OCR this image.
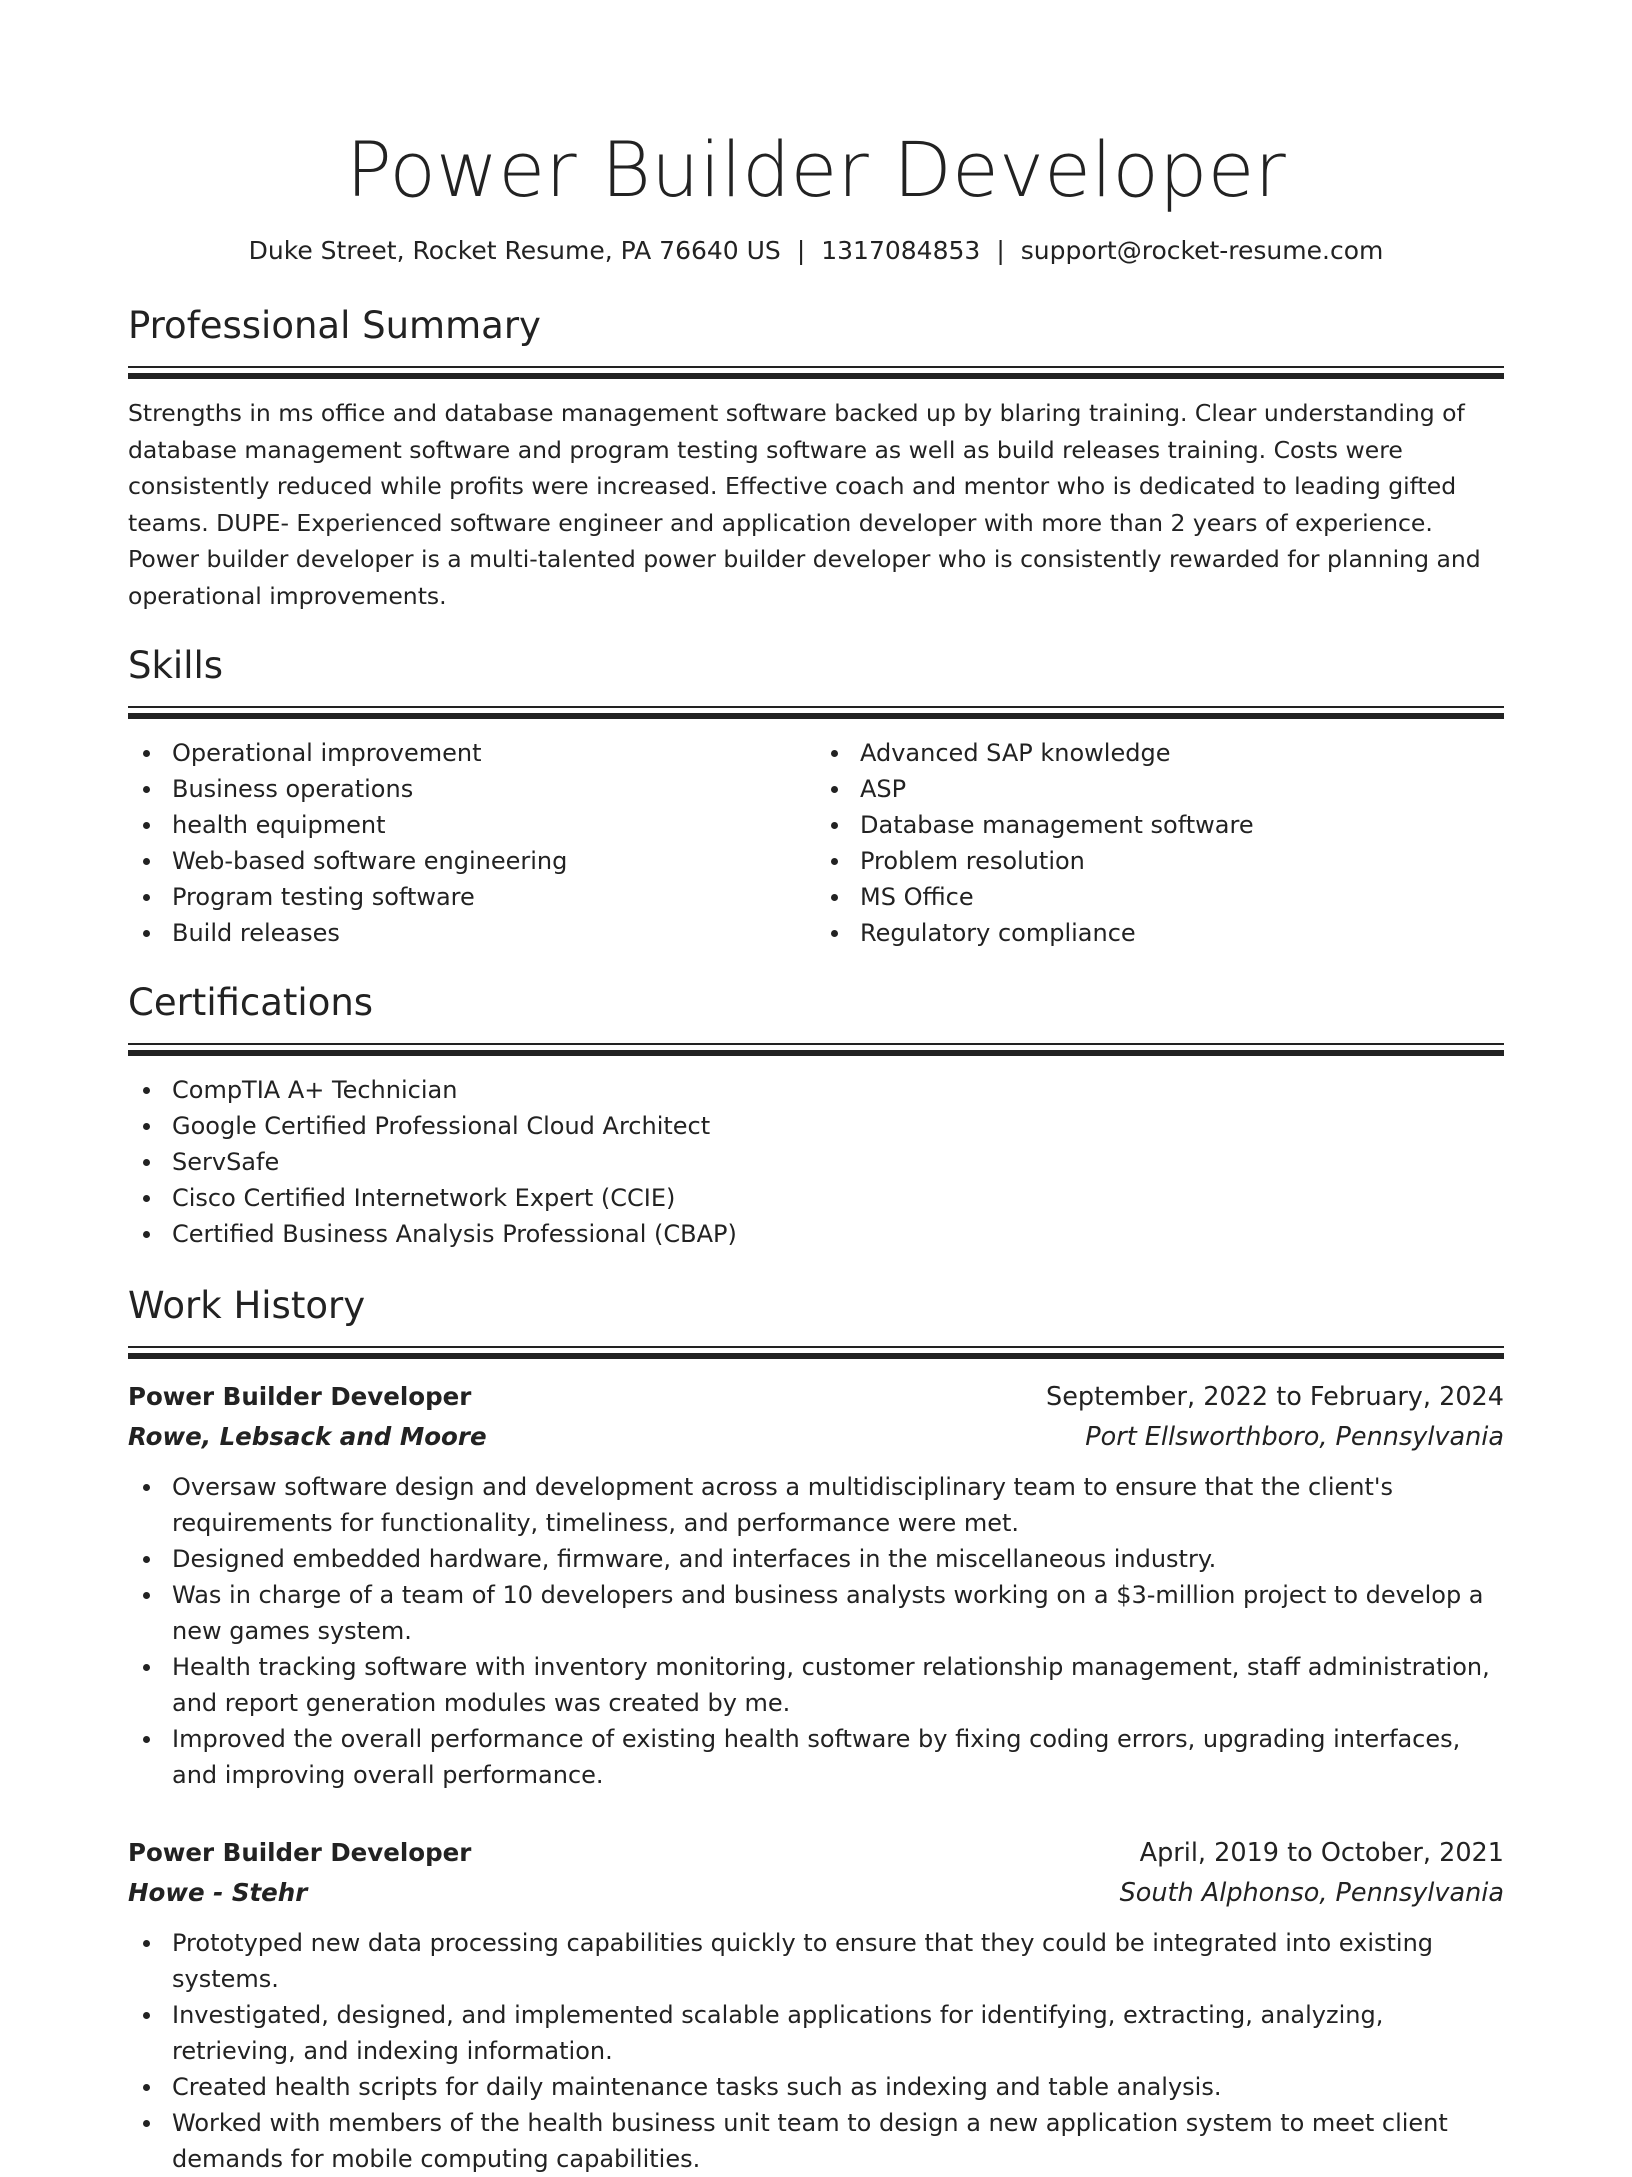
Power Builder Developer
Duke Street, Rocket Resume, PA 76640 US | 1317084853 | support@rocket-resume.com
Professional Summary

Strengths in ms office and database management software backed up by blaring training. Clear understanding of database management software and program testing software as well as build releases training. Costs were consistently reduced while profits were increased. Effective coach and mentor who is dedicated to leading gifted teams. DUPE- Experienced software engineer and application developer with more than 2 years of experience. Power builder developer is a multi-talented power builder developer who is consistently rewarded for planning and operational improvements.

Skills
Operational improvement
Business operations
health equipment
Web-based software engineering
Program testing software
Build releases
Advanced SAP knowledge
ASP
Database management software
Problem resolution
MS Office
Regulatory compliance
Certifications
CompTIA A+ Technician
Google Certified Professional Cloud Architect
ServSafe
Cisco Certified Internetwork Expert (CCIE)
Certified Business Analysis Professional (CBAP)
Work History
Power Builder Developer	September, 2022 to February, 2024
Rowe, Lebsack and Moore	Port Ellsworthboro, Pennsylvania
Oversaw software design and development across a multidisciplinary team to ensure that the client's requirements for functionality, timeliness, and performance were met.
Designed embedded hardware, firmware, and interfaces in the miscellaneous industry.
Was in charge of a team of 10 developers and business analysts working on a $3-million project to develop a new games system.
Health tracking software with inventory monitoring, customer relationship management, staff administration, and report generation modules was created by me.
Improved the overall performance of existing health software by fixing coding errors, upgrading interfaces, and improving overall performance.
Power Builder Developer	April, 2019 to October, 2021
Howe - Stehr	South Alphonso, Pennsylvania
Prototyped new data processing capabilities quickly to ensure that they could be integrated into existing systems.
Investigated, designed, and implemented scalable applications for identifying, extracting, analyzing, retrieving, and indexing information.
Created health scripts for daily maintenance tasks such as indexing and table analysis.
Worked with members of the health business unit team to design a new application system to meet client demands for mobile computing capabilities.
